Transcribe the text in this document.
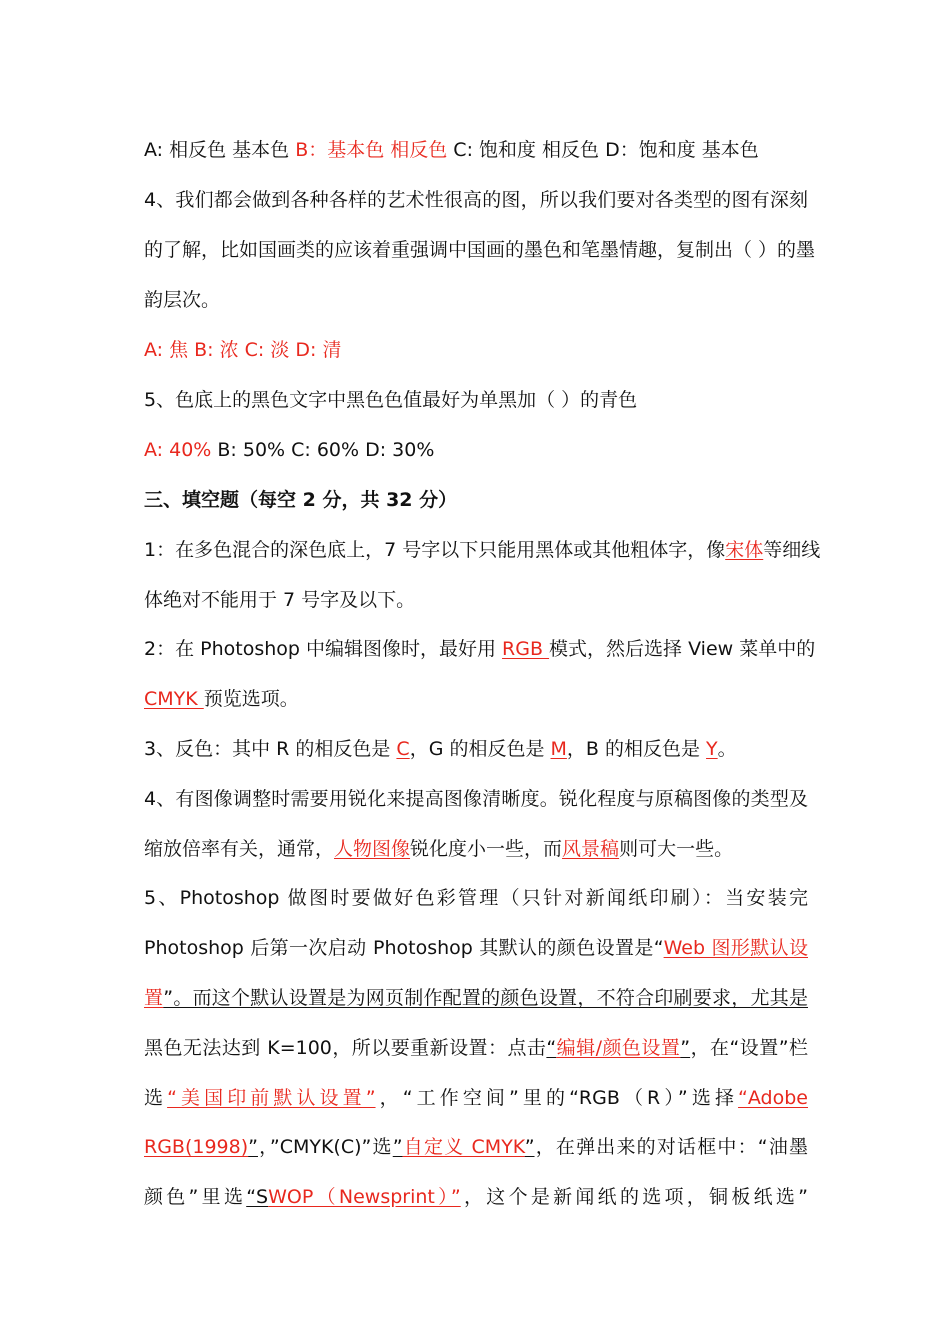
A: 相反色 基本色 B：基本色 相反色 C: 饱和度 相反色 D：饱和度 基本色
4、我们都会做到各种各样的艺术性很高的图，所以我们要对各类型的图有深刻
的了解，比如国画类的应该着重强调中国画的墨色和笔墨情趣，复制出（ ）的墨
韵层次。
A: 焦 B: 浓 C: 淡 D: 清
5、色底上的黑色文字中黑色色值最好为单黑加（ ）的青色
A: 40% B: 50% C: 60% D: 30%
三、填空题（每空 2 分，共 32 分）
1：在多色混合的深色底上，7 号字以下只能用黑体或其他粗体字，像宋体等细线
体绝对不能用于 7 号字及以下。
2：在 Photoshop 中编辑图像时，最好用 RGB 模式，然后选择 View 菜单中的
CMYK 预览选项。
3、反色：其中 R 的相反色是 C，G 的相反色是 M，B 的相反色是 Y。
4、有图像调整时需要用锐化来提高图像清晰度。锐化程度与原稿图像的类型及
缩放倍率有关，通常，人物图像锐化度小一些，而风景稿则可大一些。
5、Photoshop 做图时要做好色彩管理（只针对新闻纸印刷）：当安装完
Photoshop 后第一次启动 Photoshop 其默认的颜色设置是“Web 图形默认设
置”。而这个默认设置是为网页制作配置的颜色设置，不符合印刷要求，尤其是
黑色无法达到 K=100，所以要重新设置：点击“编辑/颜色设置”，在“设置”栏
选“美国印前默认设置”，“工作空间”里的“RGB（R）”选择“Adobe
RGB(1998)”，”CMYK(C)”选”自定义 CMYK”，在弹出来的对话框中：“油墨
颜色”里选“SWOP（Newsprint）”，这个是新闻纸的选项，铜板纸选”
